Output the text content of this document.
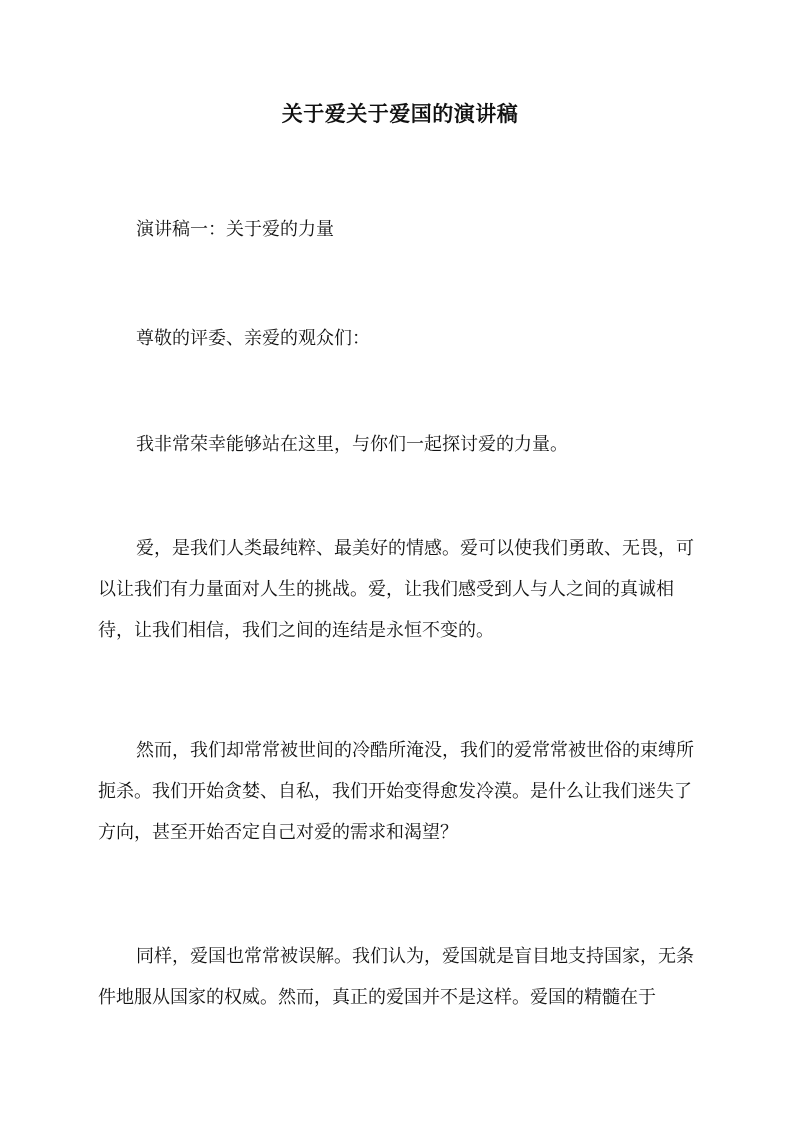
关于爱关于爱国的演讲稿

演讲稿一：关于爱的力量

尊敬的评委、亲爱的观众们：

我非常荣幸能够站在这里，与你们一起探讨爱的力量。

爱，是我们人类最纯粹、最美好的情感。爱可以使我们勇敢、无畏，可以让我们有力量面对人生的挑战。爱，让我们感受到人与人之间的真诚相待，让我们相信，我们之间的连结是永恒不变的。

然而，我们却常常被世间的冷酷所淹没，我们的爱常常被世俗的束缚所扼杀。我们开始贪婪、自私，我们开始变得愈发冷漠。是什么让我们迷失了方向，甚至开始否定自己对爱的需求和渴望？

同样，爱国也常常被误解。我们认为，爱国就是盲目地支持国家，无条件地服从国家的权威。然而，真正的爱国并不是这样。爱国的精髓在于
